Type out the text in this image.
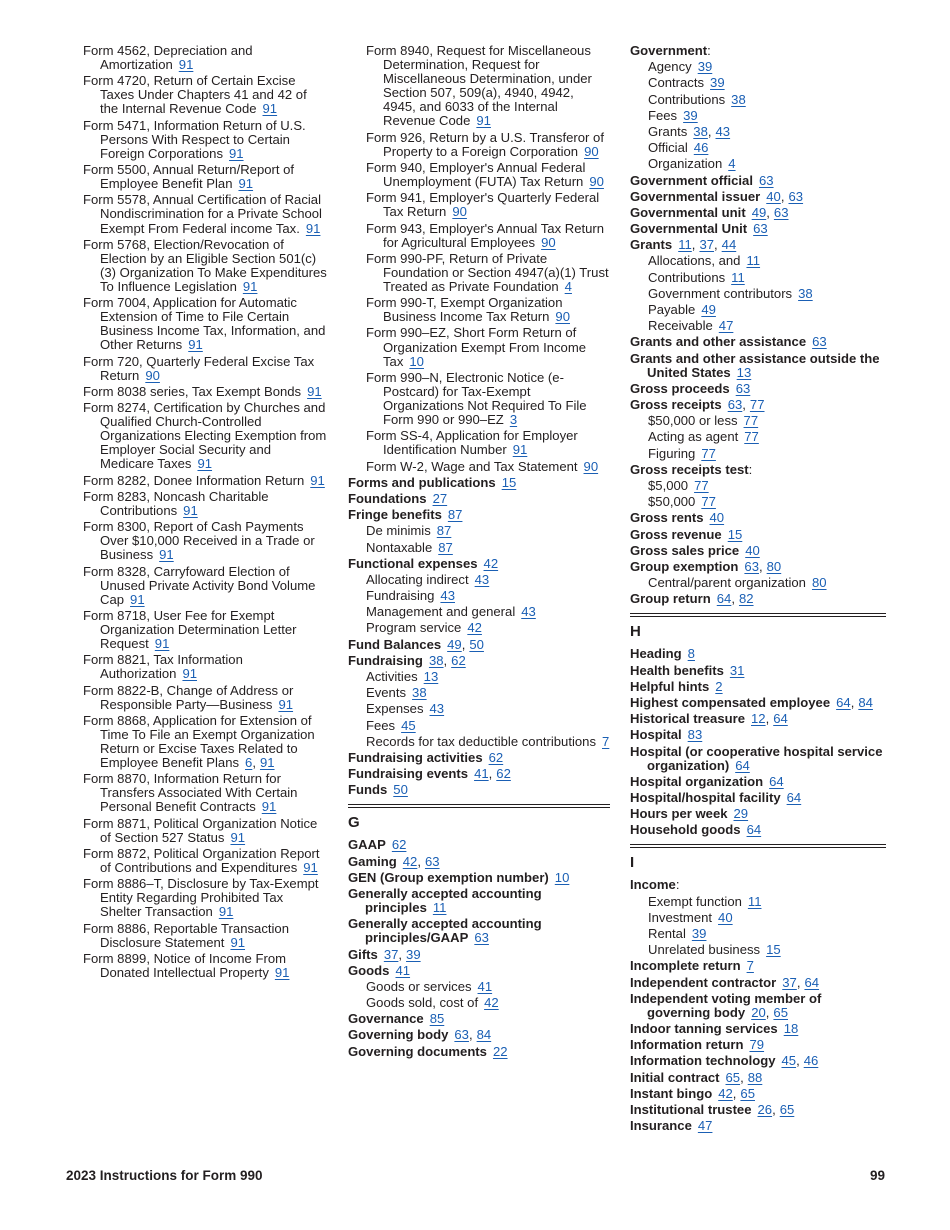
Form 4562, Depreciation and Amortization 91
Form 4720, Return of Certain Excise Taxes Under Chapters 41 and 42 of the Internal Revenue Code 91
Form 5471, Information Return of U.S. Persons With Respect to Certain Foreign Corporations 91
Form 5500, Annual Return/Report of Employee Benefit Plan 91
Form 5578, Annual Certification of Racial Nondiscrimination for a Private School Exempt From Federal income Tax. 91
Form 5768, Election/Revocation of Election by an Eligible Section 501(c)(3) Organization To Make Expenditures To Influence Legislation 91
Form 7004, Application for Automatic Extension of Time to File Certain Business Income Tax, Information, and Other Returns 91
Form 720, Quarterly Federal Excise Tax Return 90
Form 8038 series, Tax Exempt Bonds 91
Form 8274, Certification by Churches and Qualified Church-Controlled Organizations Electing Exemption from Employer Social Security and Medicare Taxes 91
Form 8282, Donee Information Return 91
Form 8283, Noncash Charitable Contributions 91
Form 8300, Report of Cash Payments Over $10,000 Received in a Trade or Business 91
Form 8328, Carryfoward Election of Unused Private Activity Bond Volume Cap 91
Form 8718, User Fee for Exempt Organization Determination Letter Request 91
Form 8821, Tax Information Authorization 91
Form 8822-B, Change of Address or Responsible Party—Business 91
Form 8868, Application for Extension of Time To File an Exempt Organization Return or Excise Taxes Related to Employee Benefit Plans 6, 91
Form 8870, Information Return for Transfers Associated With Certain Personal Benefit Contracts 91
Form 8871, Political Organization Notice of Section 527 Status 91
Form 8872, Political Organization Report of Contributions and Expenditures 91
Form 8886–T, Disclosure by Tax-Exempt Entity Regarding Prohibited Tax Shelter Transaction 91
Form 8886, Reportable Transaction Disclosure Statement 91
Form 8899, Notice of Income From Donated Intellectual Property 91
Form 8940, Request for Miscellaneous Determination, Request for Miscellaneous Determination, under Section 507, 509(a), 4940, 4942, 4945, and 6033 of the Internal Revenue Code 91
Form 926, Return by a U.S. Transferor of Property to a Foreign Corporation 90
Form 940, Employer's Annual Federal Unemployment (FUTA) Tax Return 90
Form 941, Employer's Quarterly Federal Tax Return 90
Form 943, Employer's Annual Tax Return for Agricultural Employees 90
Form 990-PF, Return of Private Foundation or Section 4947(a)(1) Trust Treated as Private Foundation 4
Form 990-T, Exempt Organization Business Income Tax Return 90
Form 990–EZ, Short Form Return of Organization Exempt From Income Tax 10
Form 990–N, Electronic Notice (e-Postcard) for Tax-Exempt Organizations Not Required To File Form 990 or 990–EZ 3
Form SS-4, Application for Employer Identification Number 91
Form W-2, Wage and Tax Statement 90
Forms and publications 15
Foundations 27
Fringe benefits 87
De minimis 87
Nontaxable 87
Functional expenses 42
Allocating indirect 43
Fundraising 43
Management and general 43
Program service 42
Fund Balances 49, 50
Fundraising 38, 62
Activities 13
Events 38
Expenses 43
Fees 45
Records for tax deductible contributions 7
Fundraising activities 62
Fundraising events 41, 62
Funds 50
G
GAAP 62
Gaming 42, 63
GEN (Group exemption number) 10
Generally accepted accounting principles 11
Generally accepted accounting principles/GAAP 63
Gifts 37, 39
Goods 41
Goods or services 41
Goods sold, cost of 42
Governance 85
Governing body 63, 84
Governing documents 22
Government:
Agency 39
Contracts 39
Contributions 38
Fees 39
Grants 38, 43
Official 46
Organization 4
Government official 63
Governmental issuer 40, 63
Governmental unit 49, 63
Governmental Unit 63
Grants 11, 37, 44
Allocations, and 11
Contributions 11
Government contributors 38
Payable 49
Receivable 47
Grants and other assistance 63
Grants and other assistance outside the United States 13
Gross proceeds 63
Gross receipts 63, 77
$50,000 or less 77
Acting as agent 77
Figuring 77
Gross receipts test:
$5,000 77
$50,000 77
Gross rents 40
Gross revenue 15
Gross sales price 40
Group exemption 63, 80
Central/parent organization 80
Group return 64, 82
H
Heading 8
Health benefits 31
Helpful hints 2
Highest compensated employee 64, 84
Historical treasure 12, 64
Hospital 83
Hospital (or cooperative hospital service organization) 64
Hospital organization 64
Hospital/hospital facility 64
Hours per week 29
Household goods 64
I
Income:
Exempt function 11
Investment 40
Rental 39
Unrelated business 15
Incomplete return 7
Independent contractor 37, 64
Independent voting member of governing body 20, 65
Indoor tanning services 18
Information return 79
Information technology 45, 46
Initial contract 65, 88
Instant bingo 42, 65
Institutional trustee 26, 65
Insurance 47
2023 Instructions for Form 990	99
